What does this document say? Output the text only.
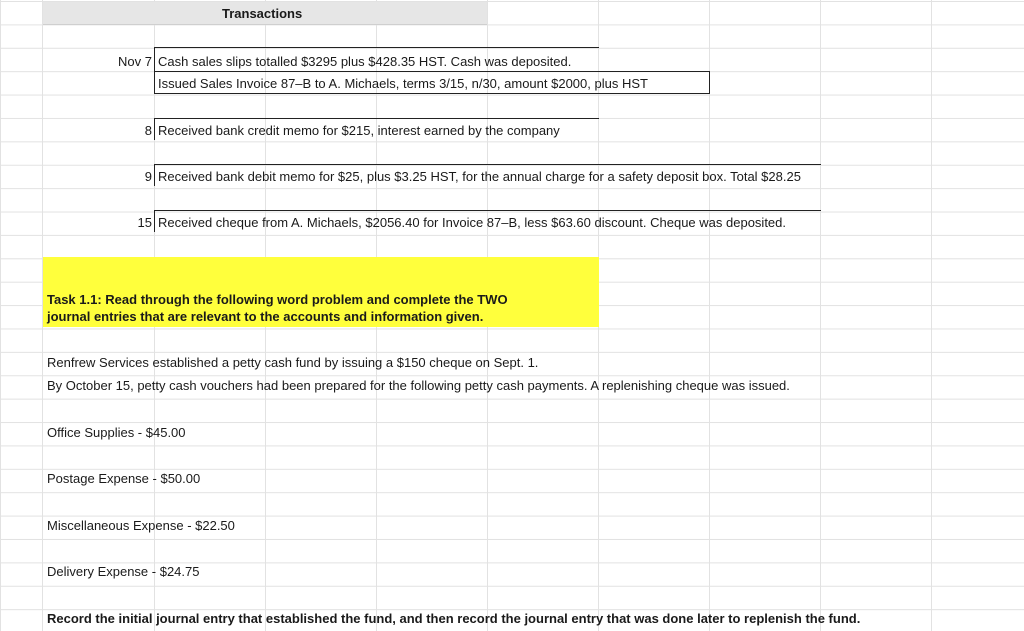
Transactions
Nov 7 Cash sales slips totalled $3295 plus $428.35 HST. Cash was deposited.
Issued Sales Invoice 87–B to A. Michaels, terms 3/15, n/30, amount $2000, plus HST
8 Received bank credit memo for $215, interest earned by the company
9 Received bank debit memo for $25, plus $3.25 HST, for the annual charge for a safety deposit box. Total $28.25
15 Received cheque from A. Michaels, $2056.40 for Invoice 87–B, less $63.60 discount. Cheque was deposited.
Task 1.1: Read through the following word problem and complete the TWO
journal entries that are relevant to the accounts and information given.
Renfrew Services established a petty cash fund by issuing a $150 cheque on Sept. 1.
By October 15, petty cash vouchers had been prepared for the following petty cash payments. A replenishing cheque was issued.
Office Supplies - $45.00
Postage Expense - $50.00
Miscellaneous Expense - $22.50
Delivery Expense - $24.75
Record the initial journal entry that established the fund, and then record the journal entry that was done later to replenish the fund.
